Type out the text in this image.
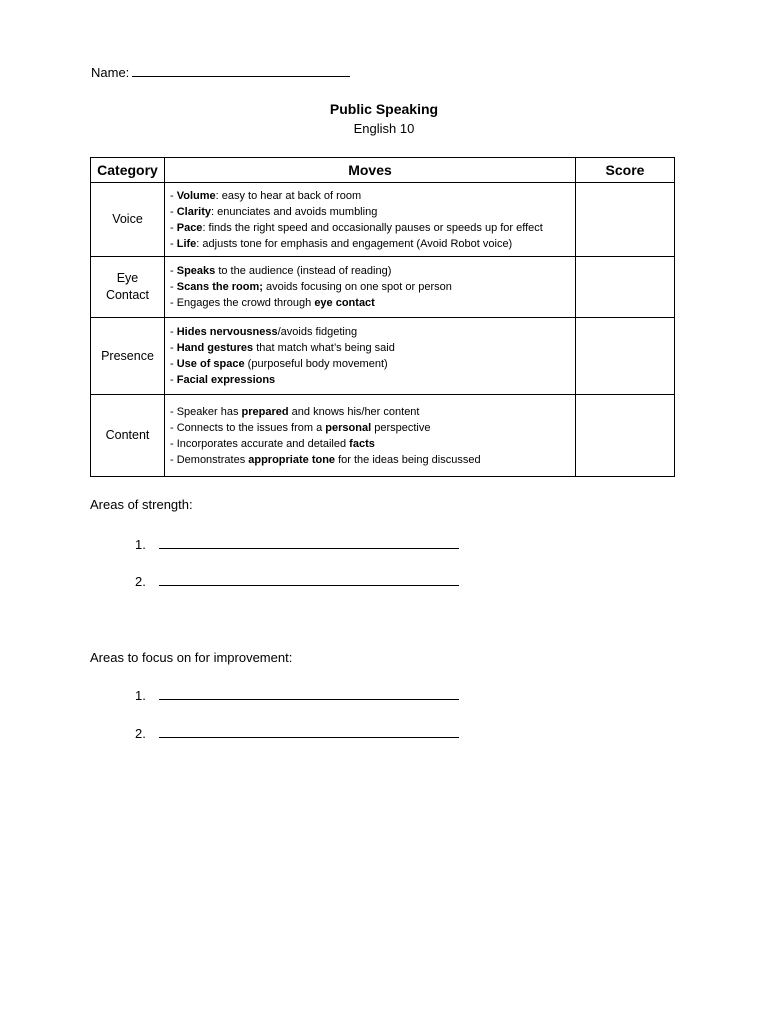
Name:
Public Speaking
English 10
Category	Moves	Score

Voice	- Volume: easy to hear at back of room
- Clarity: enunciates and avoids mumbling
- Pace: finds the right speed and occasionally pauses or speeds up for effect
- Life: adjusts tone for emphasis and engagement (Avoid Robot voice)	

Eye
Contact	- Speaks to the audience (instead of reading)
- Scans the room; avoids focusing on one spot or person
- Engages the crowd through eye contact	

Presence	- Hides nervousness/avoids fidgeting
- Hand gestures that match what’s being said
- Use of space (purposeful body movement)
- Facial expressions	

Content	- Speaker has prepared and knows his/her content
- Connects to the issues from a personal perspective
- Incorporates accurate and detailed facts
- Demonstrates appropriate tone for the ideas being discussed	

Areas of strength:
1.
2.
Areas to focus on for improvement:
1.
2.
